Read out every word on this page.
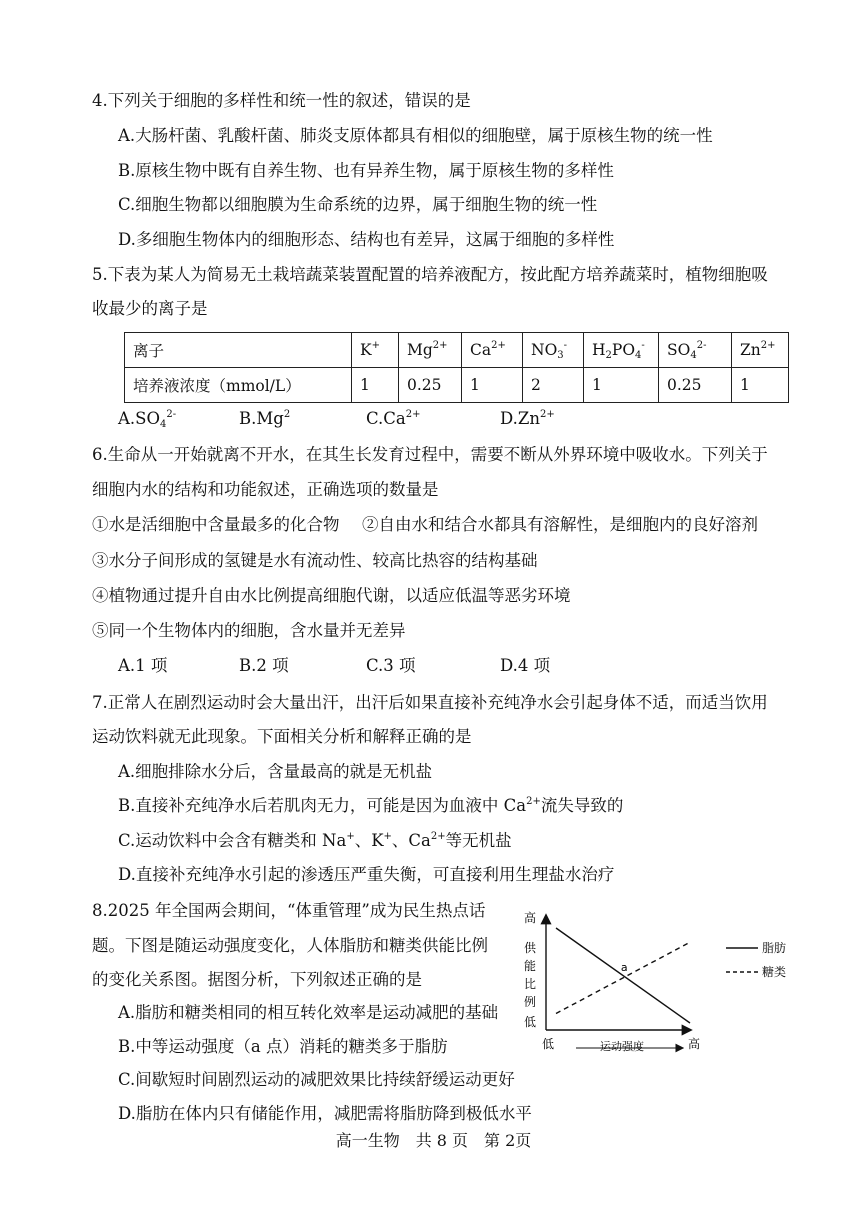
4.下列关于细胞的多样性和统一性的叙述，错误的是
A.大肠杆菌、乳酸杆菌、肺炎支原体都具有相似的细胞壁，属于原核生物的统一性
B.原核生物中既有自养生物、也有异养生物，属于原核生物的多样性
C.细胞生物都以细胞膜为生命系统的边界，属于细胞生物的统一性
D.多细胞生物体内的细胞形态、结构也有差异，这属于细胞的多样性
5.下表为某人为简易无土栽培蔬菜装置配置的培养液配方，按此配方培养蔬菜时，植物细胞吸
收最少的离子是
离子	K+	$Mg^{2+}$	$Ca^{2+}$	$NO_3^-$	$H_2PO_4^-$	$SO_4^{2-}$	$Zn^{2+}$
培养液浓度（mmol/L）	1	0.25	1	2	1	0.25	1
$A.SO_4^{2-}$	B.Mg$^2$	$C.Ca^{2+}$	$D.Zn^{2+}$
6.生命从一开始就离不开水，在其生长发育过程中，需要不断从外界环境中吸收水。下列关于
细胞内水的结构和功能叙述，正确选项的数量是
①水是活细胞中含量最多的化合物 ②自由水和结合水都具有溶解性，是细胞内的良好溶剂
③水分子间形成的氢键是水有流动性、较高比热容的结构基础
④植物通过提升自由水比例提高细胞代谢，以适应低温等恶劣环境
⑤同一个生物体内的细胞，含水量并无差异
A.1 项	B.2 项	C.3 项	D.4 项
7.正常人在剧烈运动时会大量出汗，出汗后如果直接补充纯净水会引起身体不适，而适当饮用
运动饮料就无此现象。下面相关分析和解释正确的是
A.细胞排除水分后，含量最高的就是无机盐
B.直接补充纯净水后若肌肉无力，可能是因为血液中 $Ca^{2+}$流失导致的
C.运动饮料中会含有糖类和 Na+、K+、$Ca^{2+}$等无机盐
D.直接补充纯净水引起的渗透压严重失衡，可直接利用生理盐水治疗
8.2025 年全国两会期间，“体重管理”成为民生热点话
题。下图是随运动强度变化，人体脂肪和糖类供能比例
的变化关系图。据图分析，下列叙述正确的是
A.脂肪和糖类相同的相互转化效率是运动减肥的基础
B.中等运动强度（a 点）消耗的糖类多于脂肪
C.间歇短时间剧烈运动的减肥效果比持续舒缓运动更好
D.脂肪在体内只有储能作用，减肥需将脂肪降到极低水平
高
供
能
比
例
低
低	运动强度	高
a
脂肪
糖类
高一生物　共 8 页　第 2页
